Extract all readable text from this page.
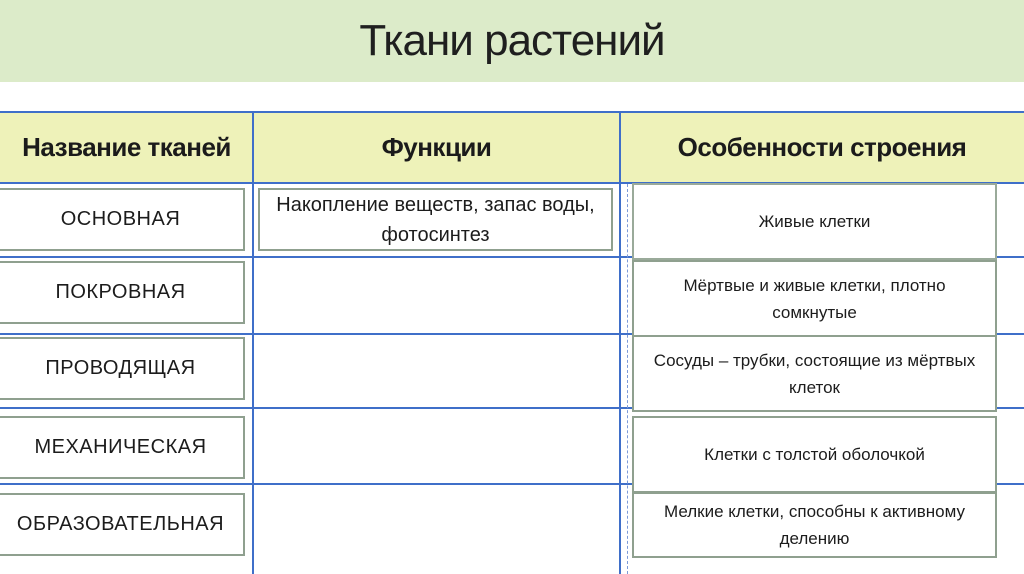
Ткани растений
Название тканей	Функции	Особенности строения
ОСНОВНАЯ
ПОКРОВНАЯ
ПРОВОДЯЩАЯ
МЕХАНИЧЕСКАЯ
ОБРАЗОВАТЕЛЬНАЯ
Накопление веществ, запас воды, фотосинтез
Живые клетки
Мёртвые и живые клетки, плотно сомкнутые
Сосуды – трубки, состоящие из мёртвых клеток
Клетки с толстой оболочкой
Мелкие клетки, способны к активному делению
